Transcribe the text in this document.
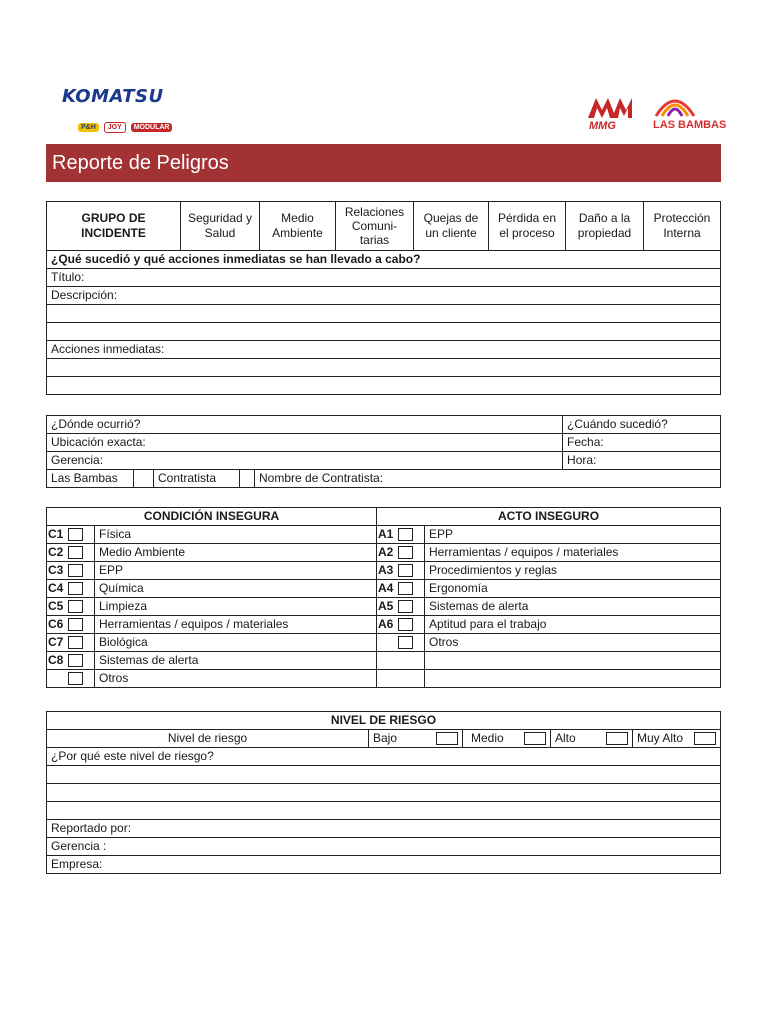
KOMATSU
P&H JOY MODULAR	MMG	LAS BAMBAS
Reporte de Peligros
GRUPO DE INCIDENTE	Seguridad y Salud	Medio Ambiente	Relaciones Comuni- tarias	Quejas de un cliente	Pérdida en el proceso	Daño a la propiedad	Protección Interna
¿Qué sucedió y qué acciones inmediatas se han llevado a cabo?
Título:
Descripción:

Acciones inmediatas:

¿Dónde ocurrió?					¿Cuándo sucedió?
Ubicación exacta:					Fecha:
Gerencia:					Hora:
Las Bambas		Contratista		Nombre de Contratista:	
CONDICIÓN INSEGURA		ACTO INSEGURO	
C1	Física	A1	EPP
C2	Medio Ambiente	A2	Herramientas / equipos / materiales
C3	EPP	A3	Procedimientos y reglas
C4	Química	A4	Ergonomía
C5	Limpieza	A5	Sistemas de alerta
C6	Herramientas / equipos / materiales	A6	Aptitud para el trabajo
C7	Biológica		Otros
C8	Sistemas de alerta		
	Otros		
NIVEL DE RIESGO
Nivel de riesgo	Bajo	Medio	Alto	Muy Alto

¿Por qué este nivel de riesgo?

Reportado por:
Gerencia :
Empresa:
